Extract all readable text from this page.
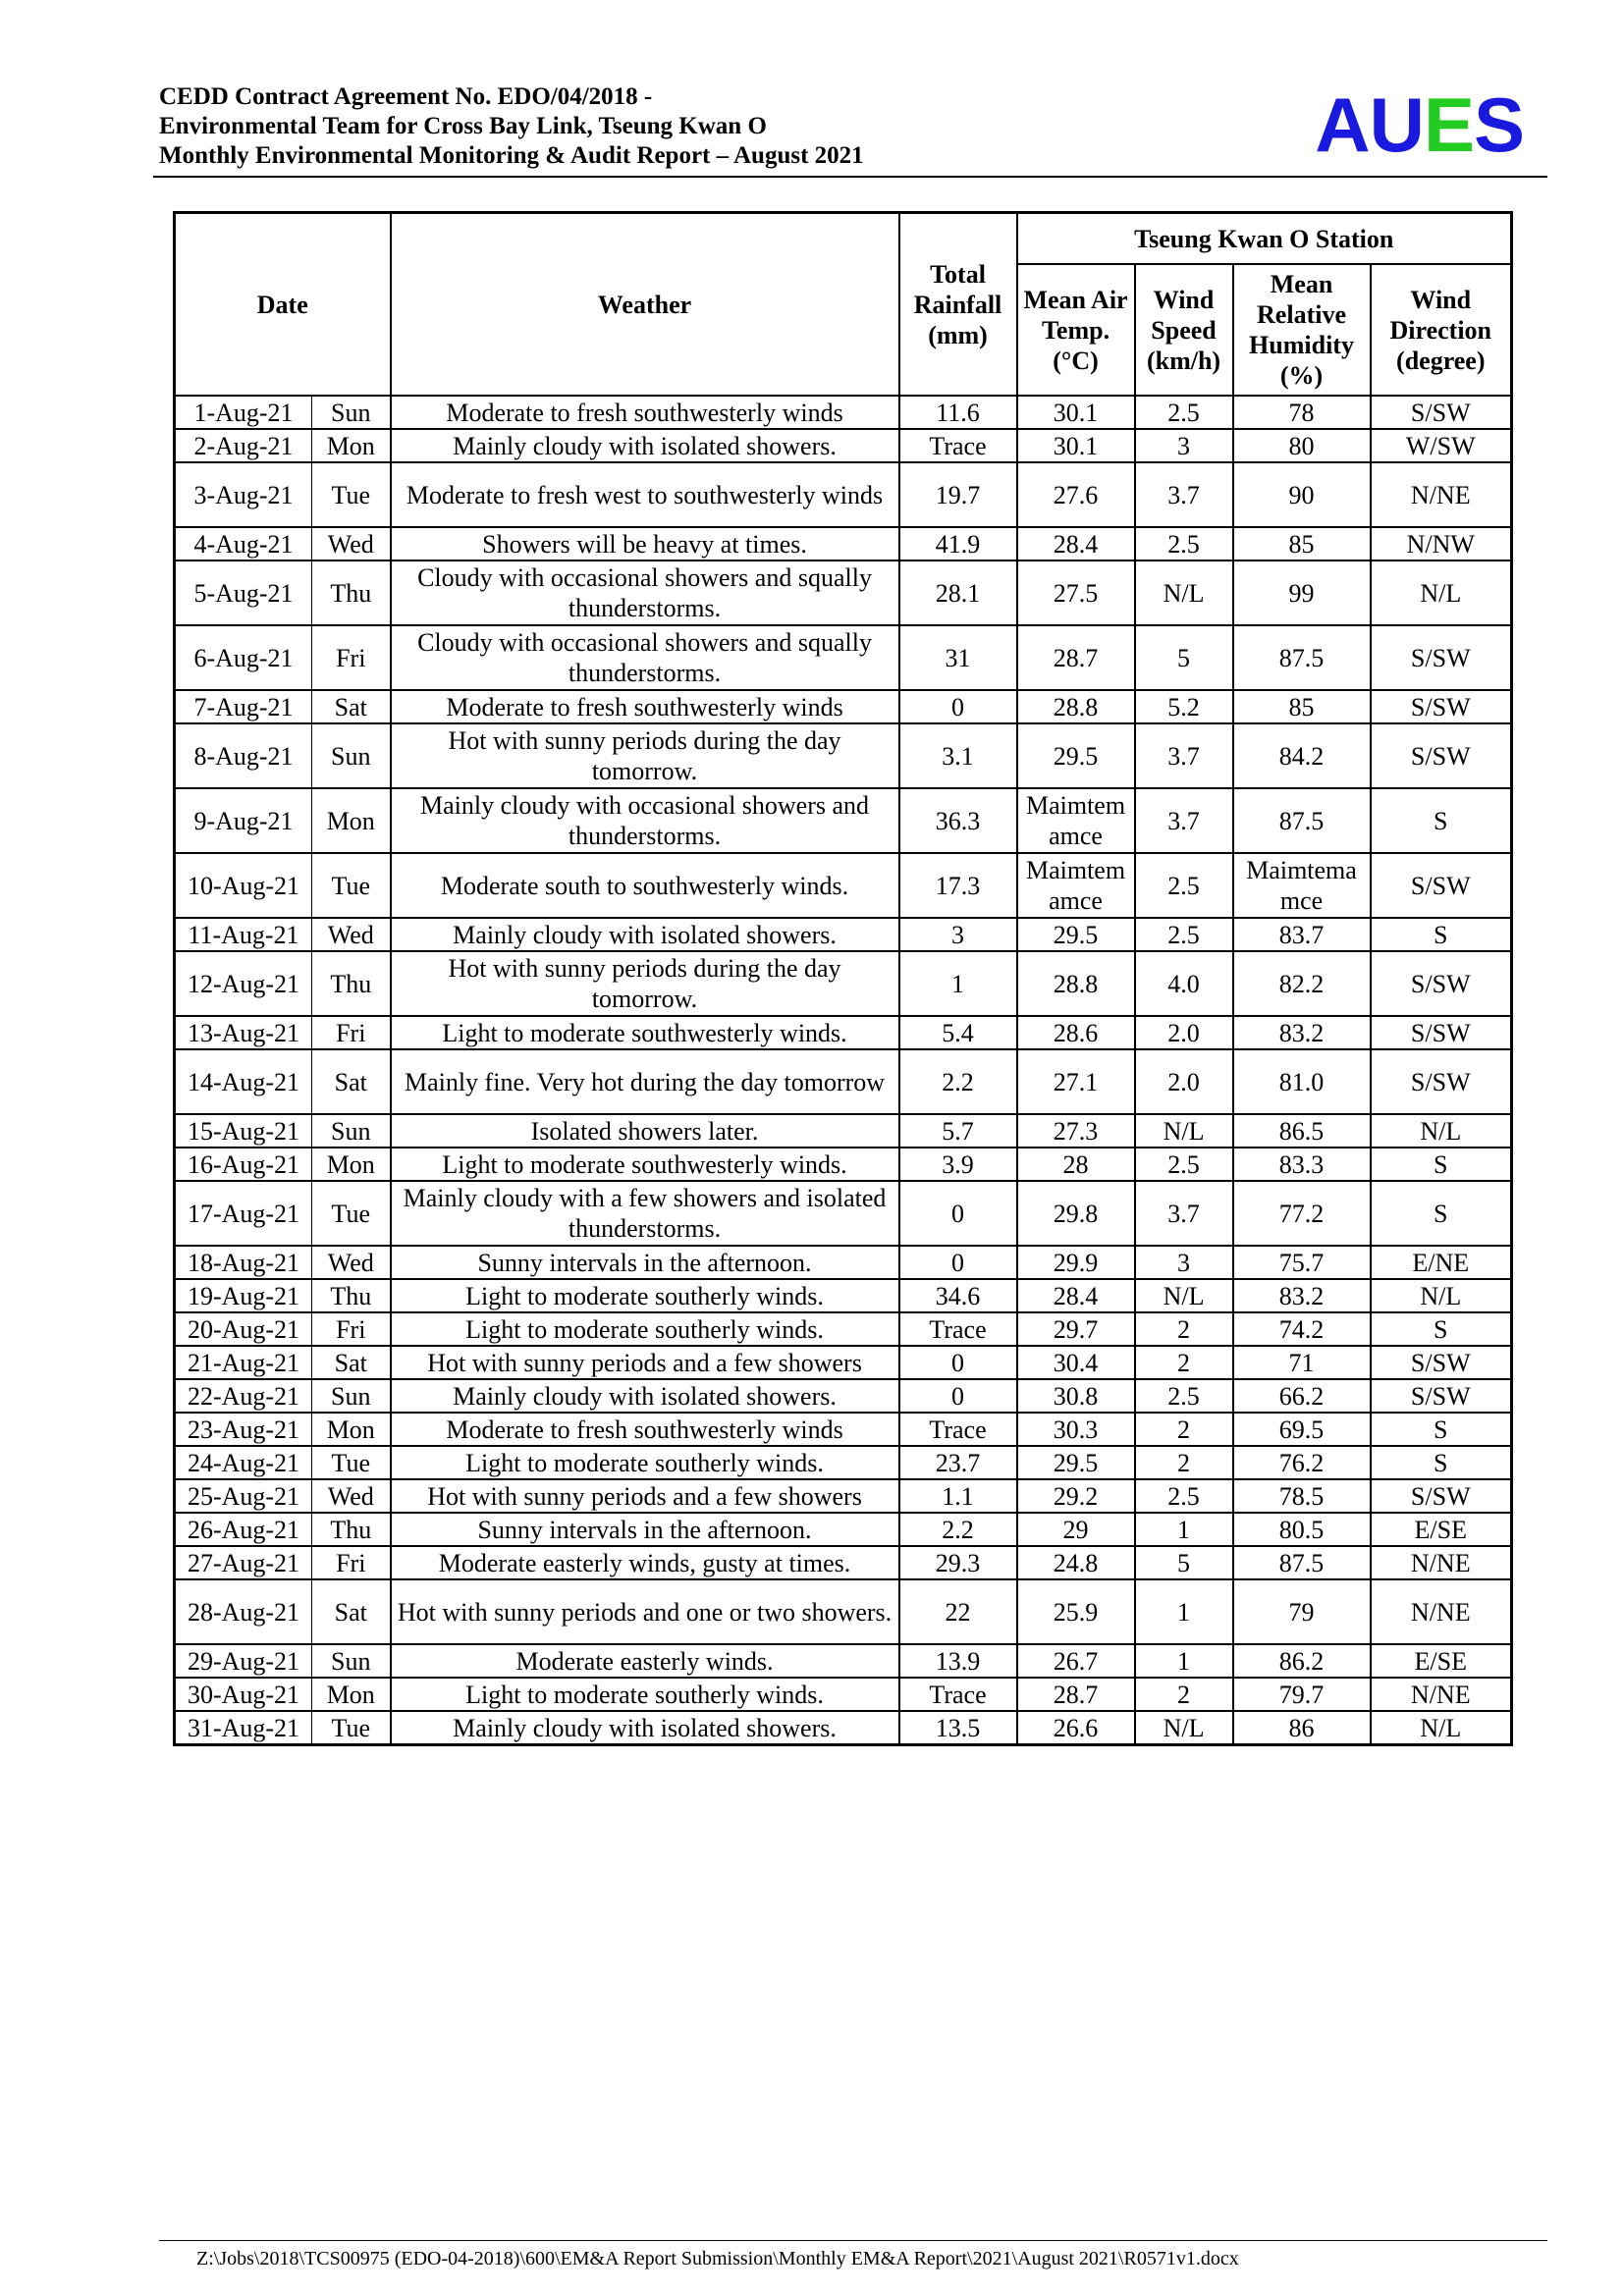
CEDD Contract Agreement No. EDO/04/2018 -
Environmental Team for Cross Bay Link, Tseung Kwan O
Monthly Environmental Monitoring & Audit Report – August 2021	AUES
Date		Weather	Total Rainfall (mm)	Tseung Kwan O Station			
				Mean Air Temp. (°C)	Wind Speed (km/h)	Mean Relative Humidity (%)	Wind Direction (degree)
1-Aug-21	Sun	Moderate to fresh southwesterly winds	11.6	30.1	2.5	78	S/SW
2-Aug-21	Mon	Mainly cloudy with isolated showers.	Trace	30.1	3	80	W/SW
3-Aug-21	Tue	Moderate to fresh west to southwesterly winds	19.7	27.6	3.7	90	N/NE
4-Aug-21	Wed	Showers will be heavy at times.	41.9	28.4	2.5	85	N/NW
5-Aug-21	Thu	Cloudy with occasional showers and squally thunderstorms.	28.1	27.5	N/L	99	N/L
6-Aug-21	Fri	Cloudy with occasional showers and squally thunderstorms.	31	28.7	5	87.5	S/SW
7-Aug-21	Sat	Moderate to fresh southwesterly winds	0	28.8	5.2	85	S/SW
8-Aug-21	Sun	Hot with sunny periods during the day tomorrow.	3.1	29.5	3.7	84.2	S/SW
9-Aug-21	Mon	Mainly cloudy with occasional showers and thunderstorms.	36.3	Maimtem amce	3.7	87.5	S
10-Aug-21	Tue	Moderate south to southwesterly winds.	17.3	Maimtem amce	2.5	Maimtema mce	S/SW
11-Aug-21	Wed	Mainly cloudy with isolated showers.	3	29.5	2.5	83.7	S
12-Aug-21	Thu	Hot with sunny periods during the day tomorrow.	1	28.8	4.0	82.2	S/SW
13-Aug-21	Fri	Light to moderate southwesterly winds.	5.4	28.6	2.0	83.2	S/SW
14-Aug-21	Sat	Mainly fine. Very hot during the day tomorrow	2.2	27.1	2.0	81.0	S/SW
15-Aug-21	Sun	Isolated showers later.	5.7	27.3	N/L	86.5	N/L
16-Aug-21	Mon	Light to moderate southwesterly winds.	3.9	28	2.5	83.3	S
17-Aug-21	Tue	Mainly cloudy with a few showers and isolated thunderstorms.	0	29.8	3.7	77.2	S
18-Aug-21	Wed	Sunny intervals in the afternoon.	0	29.9	3	75.7	E/NE
19-Aug-21	Thu	Light to moderate southerly winds.	34.6	28.4	N/L	83.2	N/L
20-Aug-21	Fri	Light to moderate southerly winds.	Trace	29.7	2	74.2	S
21-Aug-21	Sat	Hot with sunny periods and a few showers	0	30.4	2	71	S/SW
22-Aug-21	Sun	Mainly cloudy with isolated showers.	0	30.8	2.5	66.2	S/SW
23-Aug-21	Mon	Moderate to fresh southwesterly winds	Trace	30.3	2	69.5	S
24-Aug-21	Tue	Light to moderate southerly winds.	23.7	29.5	2	76.2	S
25-Aug-21	Wed	Hot with sunny periods and a few showers	1.1	29.2	2.5	78.5	S/SW
26-Aug-21	Thu	Sunny intervals in the afternoon.	2.2	29	1	80.5	E/SE
27-Aug-21	Fri	Moderate easterly winds, gusty at times.	29.3	24.8	5	87.5	N/NE
28-Aug-21	Sat	Hot with sunny periods and one or two showers.	22	25.9	1	79	N/NE
29-Aug-21	Sun	Moderate easterly winds.	13.9	26.7	1	86.2	E/SE
30-Aug-21	Mon	Light to moderate southerly winds.	Trace	28.7	2	79.7	N/NE
31-Aug-21	Tue	Mainly cloudy with isolated showers.	13.5	26.6	N/L	86	N/L
Z:\Jobs\2018\TCS00975 (EDO-04-2018)\600\EM&A Report Submission\Monthly EM&A Report\2021\August 2021\R0571v1.docx
